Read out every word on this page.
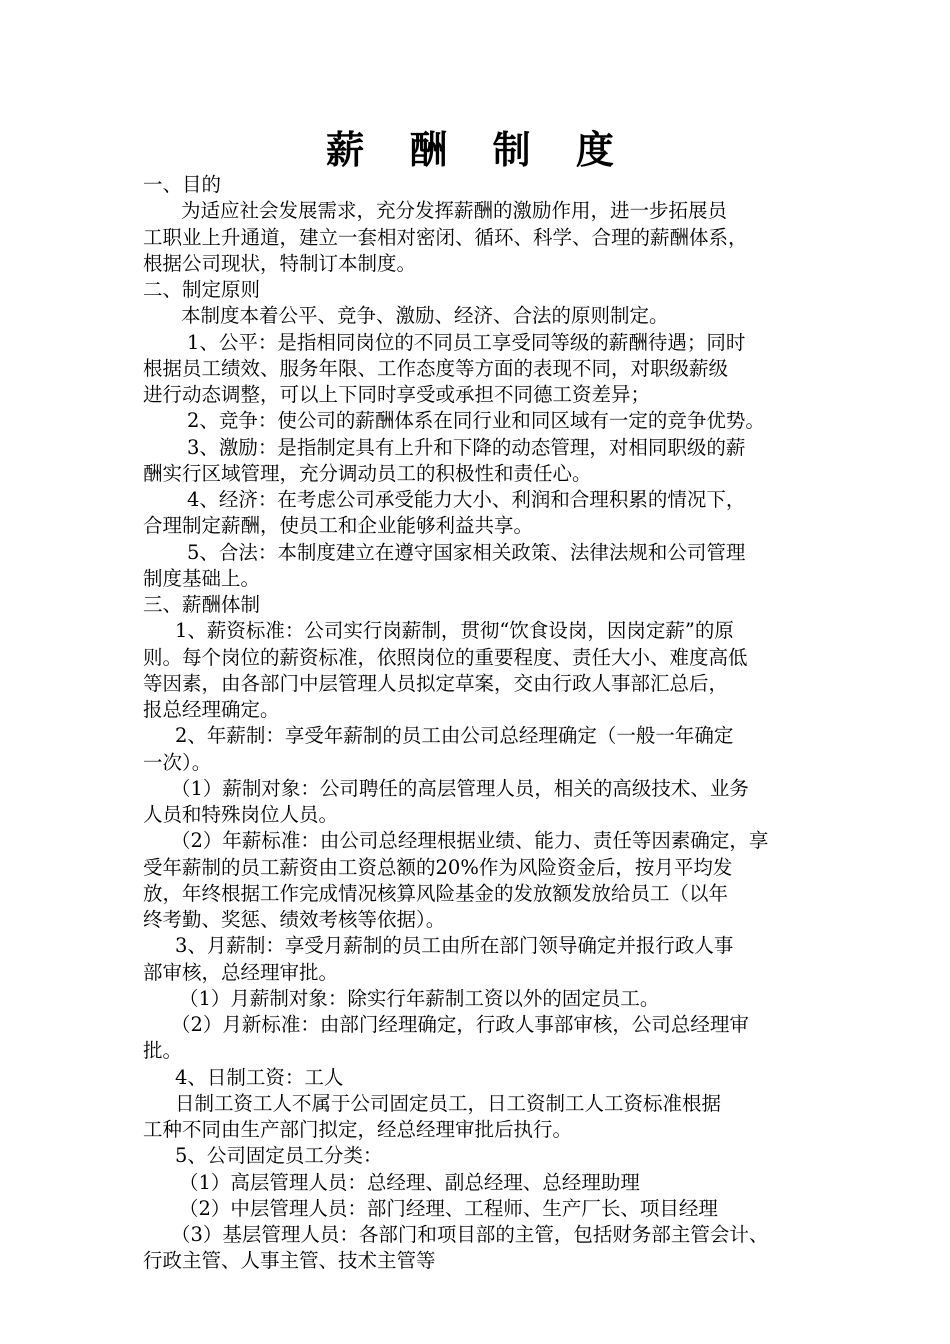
薪 酬 制 度
一、目的
为适应社会发展需求，充分发挥薪酬的激励作用，进一步拓展员
工职业上升通道，建立一套相对密闭、循环、科学、合理的薪酬体系，
根据公司现状，特制订本制度。
二、制定原则
本制度本着公平、竞争、激励、经济、合法的原则制定。
1、公平：是指相同岗位的不同员工享受同等级的薪酬待遇；同时
根据员工绩效、服务年限、工作态度等方面的表现不同，对职级薪级
进行动态调整，可以上下同时享受或承担不同德工资差异；
2、竞争：使公司的薪酬体系在同行业和同区域有一定的竞争优势。
3、激励：是指制定具有上升和下降的动态管理，对相同职级的薪
酬实行区域管理，充分调动员工的积极性和责任心。
4、经济：在考虑公司承受能力大小、利润和合理积累的情况下，
合理制定薪酬，使员工和企业能够利益共享。
5、合法：本制度建立在遵守国家相关政策、法律法规和公司管理
制度基础上。
三、薪酬体制
1、薪资标准：公司实行岗薪制，贯彻“饮食设岗，因岗定薪”的原
则。每个岗位的薪资标准，依照岗位的重要程度、责任大小、难度高低
等因素，由各部门中层管理人员拟定草案，交由行政人事部汇总后，
报总经理确定。
2、年薪制：享受年薪制的员工由公司总经理确定（一般一年确定
一次）。
（1）薪制对象：公司聘任的高层管理人员，相关的高级技术、业务
人员和特殊岗位人员。
（2）年薪标准：由公司总经理根据业绩、能力、责任等因素确定，享
受年薪制的员工薪资由工资总额的20%作为风险资金后，按月平均发
放，年终根据工作完成情况核算风险基金的发放额发放给员工（以年
终考勤、奖惩、绩效考核等依据）。
3、月薪制：享受月薪制的员工由所在部门领导确定并报行政人事
部审核，总经理审批。
（1）月薪制对象：除实行年薪制工资以外的固定员工。
（2）月新标准：由部门经理确定，行政人事部审核，公司总经理审
批。
4、日制工资：工人
日制工资工人不属于公司固定员工，日工资制工人工资标准根据
工种不同由生产部门拟定，经总经理审批后执行。
5、公司固定员工分类：
（1）高层管理人员：总经理、副总经理、总经理助理
（2）中层管理人员：部门经理、工程师、生产厂长、项目经理
（3）基层管理人员：各部门和项目部的主管，包括财务部主管会计、
行政主管、人事主管、技术主管等
